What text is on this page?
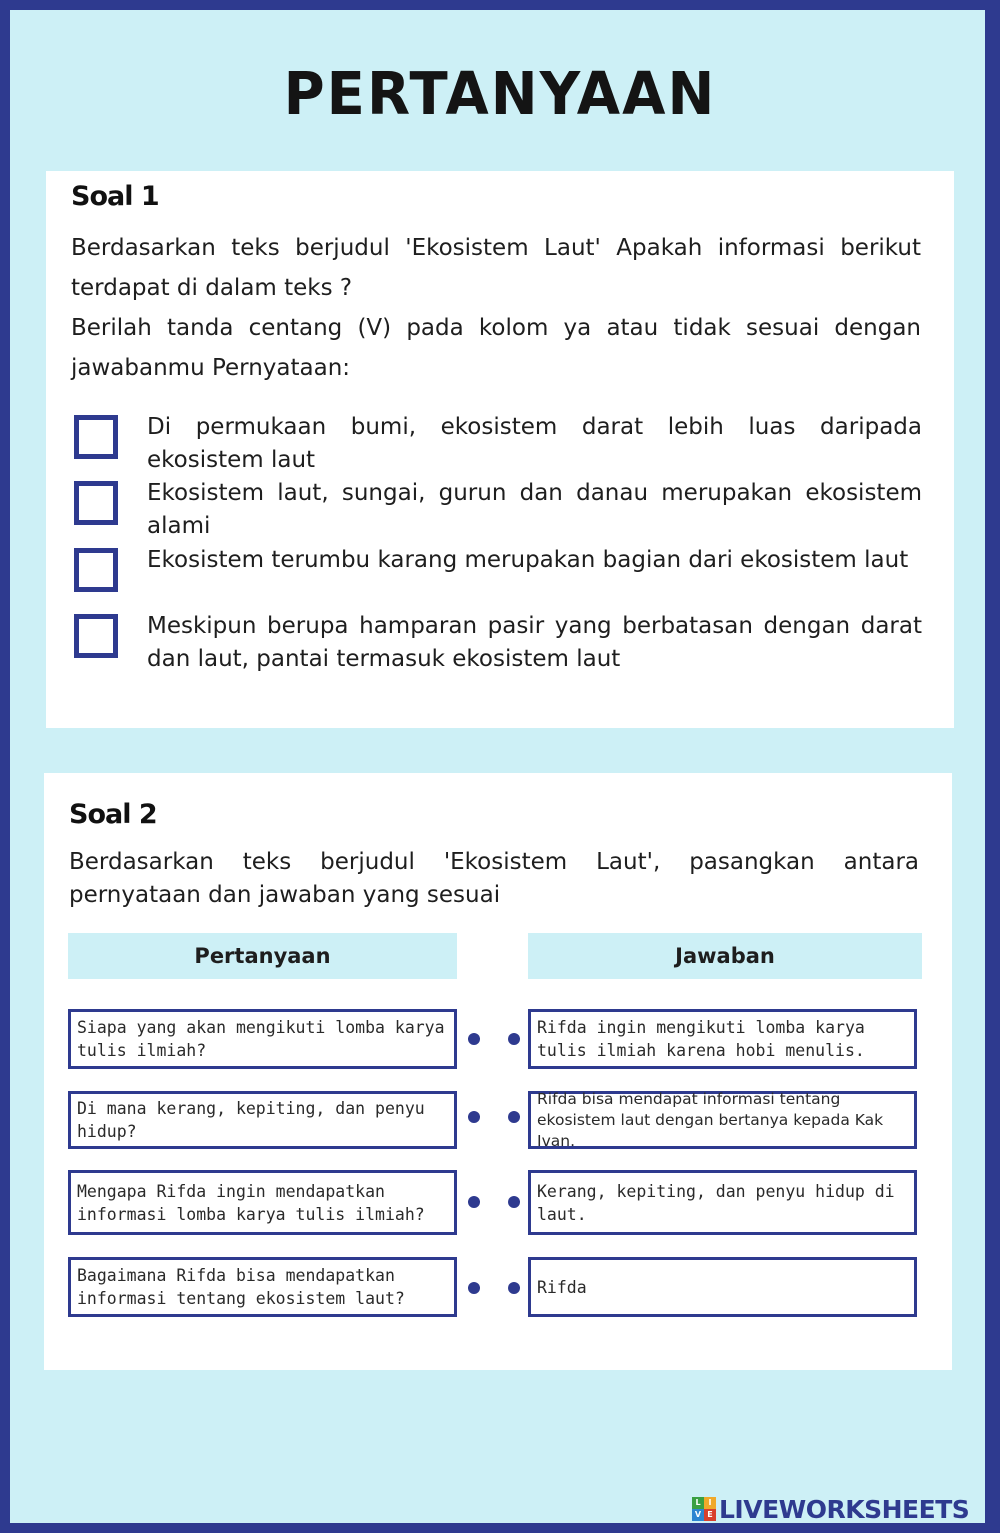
PERTANYAAN
Soal 1
Berdasarkan teks berjudul 'Ekosistem Laut' Apakah informasi berikut terdapat di dalam teks ?
Berilah tanda centang (V) pada kolom ya atau tidak sesuai dengan jawabanmu Pernyataan:
Di permukaan bumi, ekosistem darat lebih luas daripada ekosistem laut
Ekosistem laut, sungai, gurun dan danau merupakan ekosistem alami
Ekosistem terumbu karang merupakan bagian dari ekosistem laut
Meskipun berupa hamparan pasir yang berbatasan dengan darat dan laut, pantai termasuk ekosistem laut
Soal 2
Berdasarkan teks berjudul 'Ekosistem Laut', pasangkan antara pernyataan dan jawaban yang sesuai
Pertanyaan	Jawaban
Siapa yang akan mengikuti lomba karya tulis ilmiah?
Rifda ingin mengikuti lomba karya tulis ilmiah karena hobi menulis.
Di mana kerang, kepiting, dan penyu hidup?
Rifda bisa mendapat informasi tentang ekosistem laut dengan bertanya kepada Kak Ivan.
Mengapa Rifda ingin mendapatkan informasi lomba karya tulis ilmiah?
Kerang, kepiting, dan penyu hidup di laut.
Bagaimana Rifda bisa mendapatkan informasi tentang ekosistem laut?
Rifda
L I
V E LIVEWORKSHEETS
